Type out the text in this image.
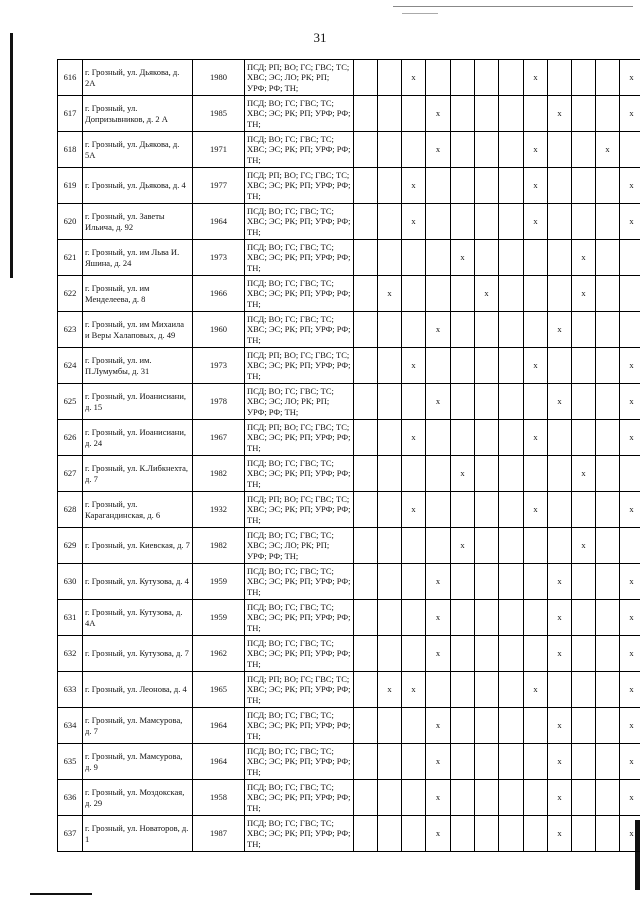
31
616	г. Грозный, ул. Дьякова, д. 2А	1980	ПСД; РП; ВО; ГС; ГВС; ТС; ХВС; ЭС; ЛО; РК; РП; УРФ; РФ; ТН;			x					x				x
617	г. Грозный, ул. Допризывников, д. 2 А	1985	ПСД; ВО; ГС; ГВС; ТС; ХВС; ЭС; РК; РП; УРФ; РФ; ТН;				x					x			x
618	г. Грозный, ул. Дьякова, д. 5А	1971	ПСД; ВО; ГС; ГВС; ТС; ХВС; ЭС; РК; РП; УРФ; РФ; ТН;				x				x			x	
619	г. Грозный, ул. Дьякова, д. 4	1977	ПСД; РП; ВО; ГС; ГВС; ТС; ХВС; ЭС; РК; РП; УРФ; РФ; ТН;			x					x				x
620	г. Грозный, ул. Заветы Ильича, д. 92	1964	ПСД; ВО; ГС; ГВС; ТС; ХВС; ЭС; РК; РП; УРФ; РФ; ТН;			x					x				x
621	г. Грозный, ул. им Льва И. Яшина, д. 24	1973	ПСД; ВО; ГС; ГВС; ТС; ХВС; ЭС; РК; РП; УРФ; РФ; ТН;					x					x		
622	г. Грозный, ул. им Менделеева, д. 8	1966	ПСД; ВО; ГС; ГВС; ТС; ХВС; ЭС; РК; РП; УРФ; РФ; ТН;		x				x				x		
623	г. Грозный, ул. им Михаила и Веры Халаповых, д. 49	1960	ПСД; ВО; ГС; ГВС; ТС; ХВС; ЭС; РК; РП; УРФ; РФ; ТН;				x					x			
624	г. Грозный, ул. им. П.Лумумбы, д. 31	1973	ПСД; РП; ВО; ГС; ГВС; ТС; ХВС; ЭС; РК; РП; УРФ; РФ; ТН;			x					x				x
625	г. Грозный, ул. Иоанисиани, д. 15	1978	ПСД; ВО; ГС; ГВС; ТС; ХВС; ЭС; ЛО; РК; РП; УРФ; РФ; ТН;				x					x			x
626	г. Грозный, ул. Иоанисиани, д. 24	1967	ПСД; РП; ВО; ГС; ГВС; ТС; ХВС; ЭС; РК; РП; УРФ; РФ; ТН;			x					x				x
627	г. Грозный, ул. К.Либкнехта, д. 7	1982	ПСД; ВО; ГС; ГВС; ТС; ХВС; ЭС; РК; РП; УРФ; РФ; ТН;					x					x		
628	г. Грозный, ул. Карагандинская, д. 6	1932	ПСД; РП; ВО; ГС; ГВС; ТС; ХВС; ЭС; РК; РП; УРФ; РФ; ТН;			x					x				x
629	г. Грозный, ул. Киевская, д. 7	1982	ПСД; ВО; ГС; ГВС; ТС; ХВС; ЭС; ЛО; РК; РП; УРФ; РФ; ТН;					x					x		
630	г. Грозный, ул. Кутузова, д. 4	1959	ПСД; ВО; ГС; ГВС; ТС; ХВС; ЭС; РК; РП; УРФ; РФ; ТН;				x					x			x
631	г. Грозный, ул. Кутузова, д. 4А	1959	ПСД; ВО; ГС; ГВС; ТС; ХВС; ЭС; РК; РП; УРФ; РФ; ТН;				x					x			x
632	г. Грозный, ул. Кутузова, д. 7	1962	ПСД; ВО; ГС; ГВС; ТС; ХВС; ЭС; РК; РП; УРФ; РФ; ТН;				x					x			x
633	г. Грозный, ул. Леонова, д. 4	1965	ПСД; РП; ВО; ГС; ГВС; ТС; ХВС; ЭС; РК; РП; УРФ; РФ; ТН;		x	x					x				x
634	г. Грозный, ул. Мамсурова, д. 7	1964	ПСД; ВО; ГС; ГВС; ТС; ХВС; ЭС; РК; РП; УРФ; РФ; ТН;				x					x			x
635	г. Грозный, ул. Мамсурова, д. 9	1964	ПСД; ВО; ГС; ГВС; ТС; ХВС; ЭС; РК; РП; УРФ; РФ; ТН;				x					x			x
636	г. Грозный, ул. Моздокская, д. 29	1958	ПСД; ВО; ГС; ГВС; ТС; ХВС; ЭС; РК; РП; УРФ; РФ; ТН;				x					x			x
637	г. Грозный, ул. Новаторов, д. 1	1987	ПСД; ВО; ГС; ГВС; ТС; ХВС; ЭС; РК; РП; УРФ; РФ; ТН;				x					x			x
